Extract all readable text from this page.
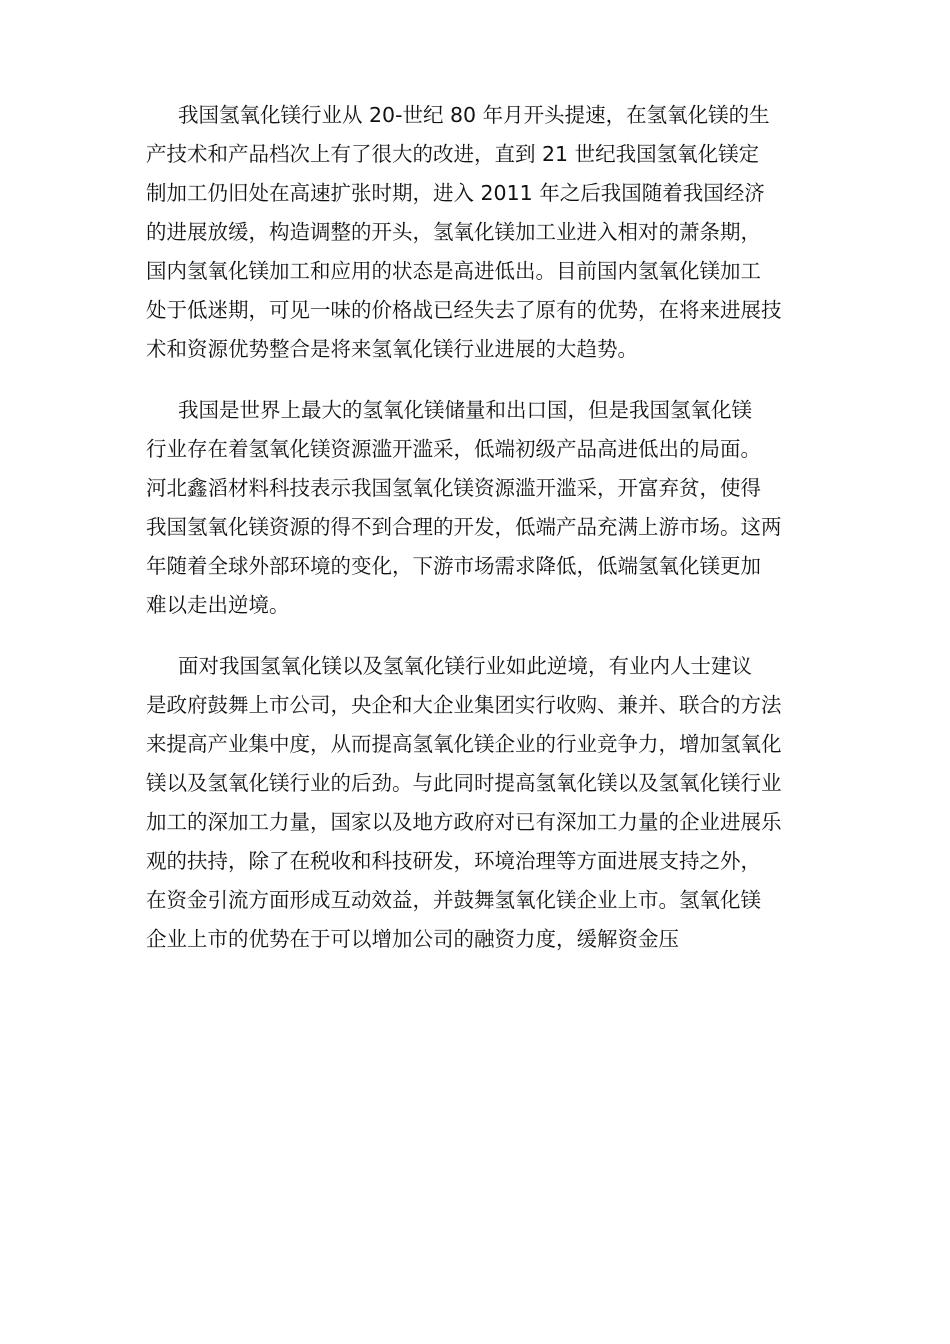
我国氢氧化镁行业从 20-世纪 80 年月开头提速，在氢氧化镁的生
产技术和产品档次上有了很大的改进，直到 21 世纪我国氢氧化镁定
制加工仍旧处在高速扩张时期，进入 2011 年之后我国随着我国经济
的进展放缓，构造调整的开头，氢氧化镁加工业进入相对的萧条期，
国内氢氧化镁加工和应用的状态是高进低出。目前国内氢氧化镁加工
处于低迷期，可见一味的价格战已经失去了原有的优势，在将来进展技
术和资源优势整合是将来氢氧化镁行业进展的大趋势。

我国是世界上最大的氢氧化镁储量和出口国，但是我国氢氧化镁
行业存在着氢氧化镁资源滥开滥采，低端初级产品高进低出的局面。
河北鑫滔材料科技表示我国氢氧化镁资源滥开滥采，开富弃贫，使得
我国氢氧化镁资源的得不到合理的开发，低端产品充满上游市场。这两
年随着全球外部环境的变化，下游市场需求降低，低端氢氧化镁更加
难以走出逆境。

面对我国氢氧化镁以及氢氧化镁行业如此逆境，有业内人士建议
是政府鼓舞上市公司，央企和大企业集团实行收购、兼并、联合的方法
来提高产业集中度，从而提高氢氧化镁企业的行业竞争力，增加氢氧化
镁以及氢氧化镁行业的后劲。与此同时提高氢氧化镁以及氢氧化镁行业
加工的深加工力量，国家以及地方政府对已有深加工力量的企业进展乐
观的扶持，除了在税收和科技研发，环境治理等方面进展支持之外，
在资金引流方面形成互动效益，并鼓舞氢氧化镁企业上市。氢氧化镁
企业上市的优势在于可以增加公司的融资力度，缓解资金压
